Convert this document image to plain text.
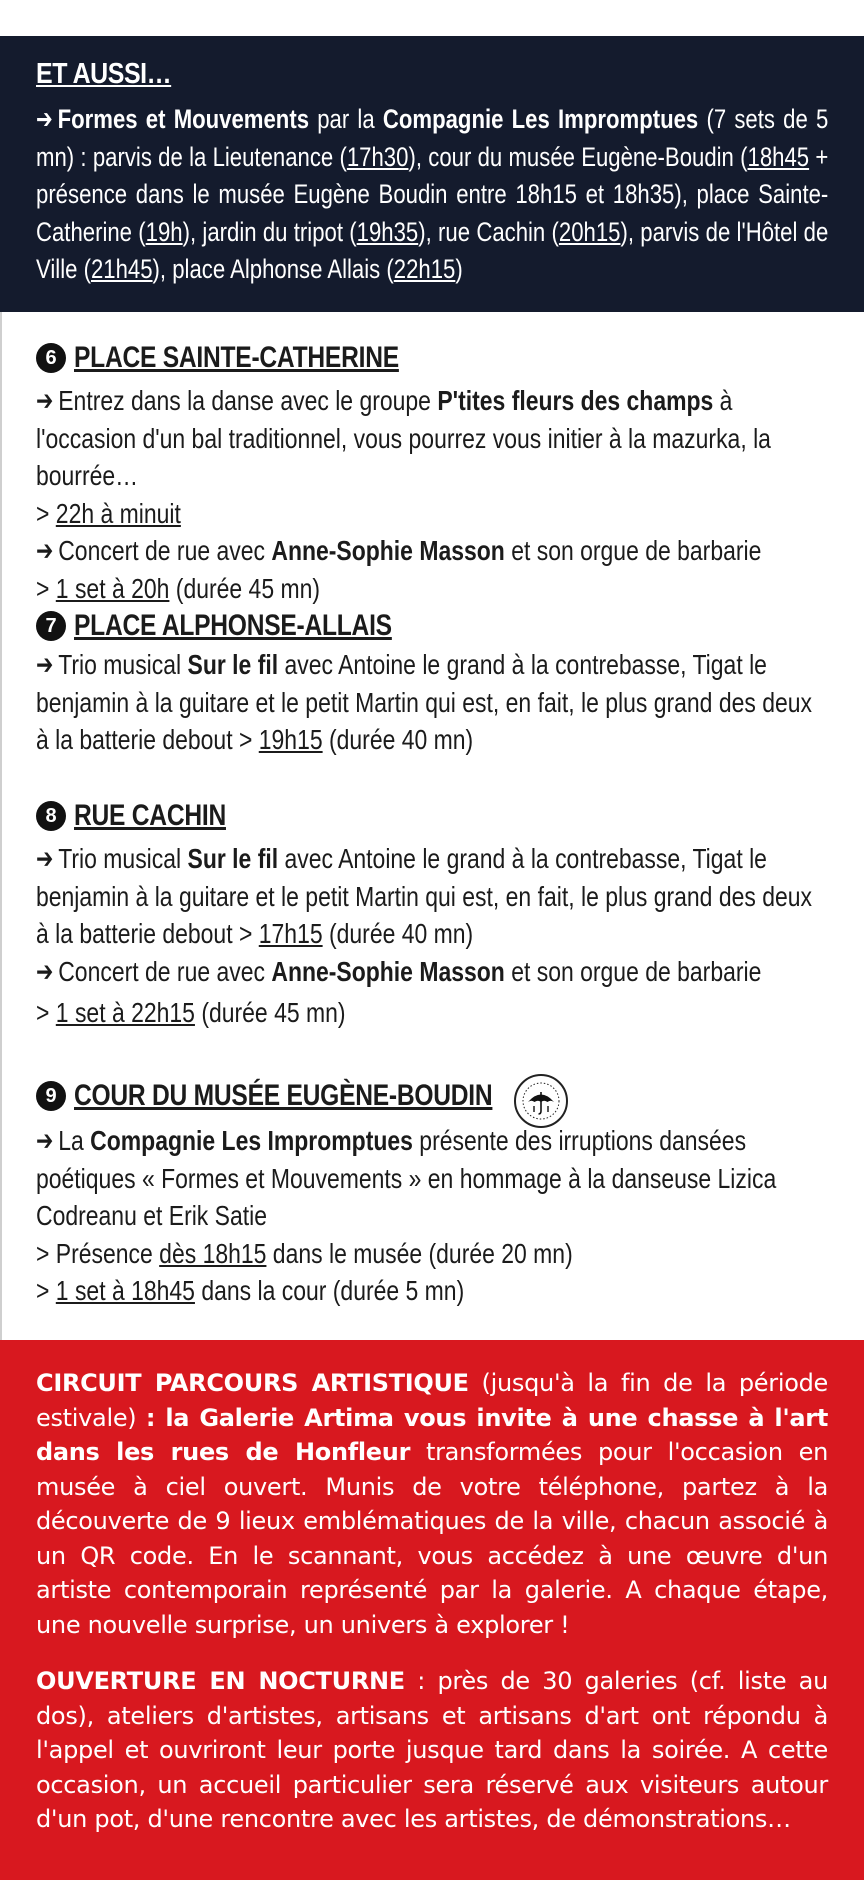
ET AUSSI…
➔ Formes et Mouvements par la Compagnie Les Impromptues (7 sets de 5 mn) : parvis de la Lieutenance (17h30), cour du musée Eugène-Boudin (18h45 + présence dans le musée Eugène Boudin entre 18h15 et 18h35), place Sainte-Catherine (19h), jardin du tripot (19h35), rue Cachin (20h15), parvis de l'Hôtel de Ville (21h45), place Alphonse Allais (22h15)
6 PLACE SAINTE-CATHERINE
➔ Entrez dans la danse avec le groupe P'tites fleurs des champs à l'occasion d'un bal traditionnel, vous pourrez vous initier à la mazurka, la bourrée…
> 22h à minuit
➔ Concert de rue avec Anne-Sophie Masson et son orgue de barbarie
> 1 set à 20h (durée 45 mn)
7 PLACE ALPHONSE-ALLAIS
➔ Trio musical Sur le fil avec Antoine le grand à la contrebasse, Tigat le benjamin à la guitare et le petit Martin qui est, en fait, le plus grand des deux à la batterie debout > 19h15 (durée 40 mn)
8 RUE CACHIN
➔ Trio musical Sur le fil avec Antoine le grand à la contrebasse, Tigat le benjamin à la guitare et le petit Martin qui est, en fait, le plus grand des deux à la batterie debout > 17h15 (durée 40 mn)
➔ Concert de rue avec Anne-Sophie Masson et son orgue de barbarie
> 1 set à 22h15 (durée 45 mn)
9 COUR DU MUSÉE EUGÈNE-BOUDIN
➔ La Compagnie Les Impromptues présente des irruptions dansées poétiques « Formes et Mouvements » en hommage à la danseuse Lizica Codreanu et Erik Satie
> Présence dès 18h15 dans le musée (durée 20 mn)
> 1 set à 18h45 dans la cour (durée 5 mn)
CIRCUIT PARCOURS ARTISTIQUE (jusqu'à la fin de la période estivale) : la Galerie Artima vous invite à une chasse à l'art dans les rues de Honfleur transformées pour l'occasion en musée à ciel ouvert. Munis de votre téléphone, partez à la découverte de 9 lieux emblématiques de la ville, chacun associé à un QR code. En le scannant, vous accédez à une œuvre d'un artiste contemporain représenté par la galerie. A chaque étape, une nouvelle surprise, un univers à explorer !
OUVERTURE EN NOCTURNE : près de 30 galeries (cf. liste au dos), ateliers d'artistes, artisans et artisans d'art ont répondu à l'appel et ouvriront leur porte jusque tard dans la soirée. A cette occasion, un accueil particulier sera réservé aux visiteurs autour d'un pot, d'une rencontre avec les artistes, de démonstrations…
